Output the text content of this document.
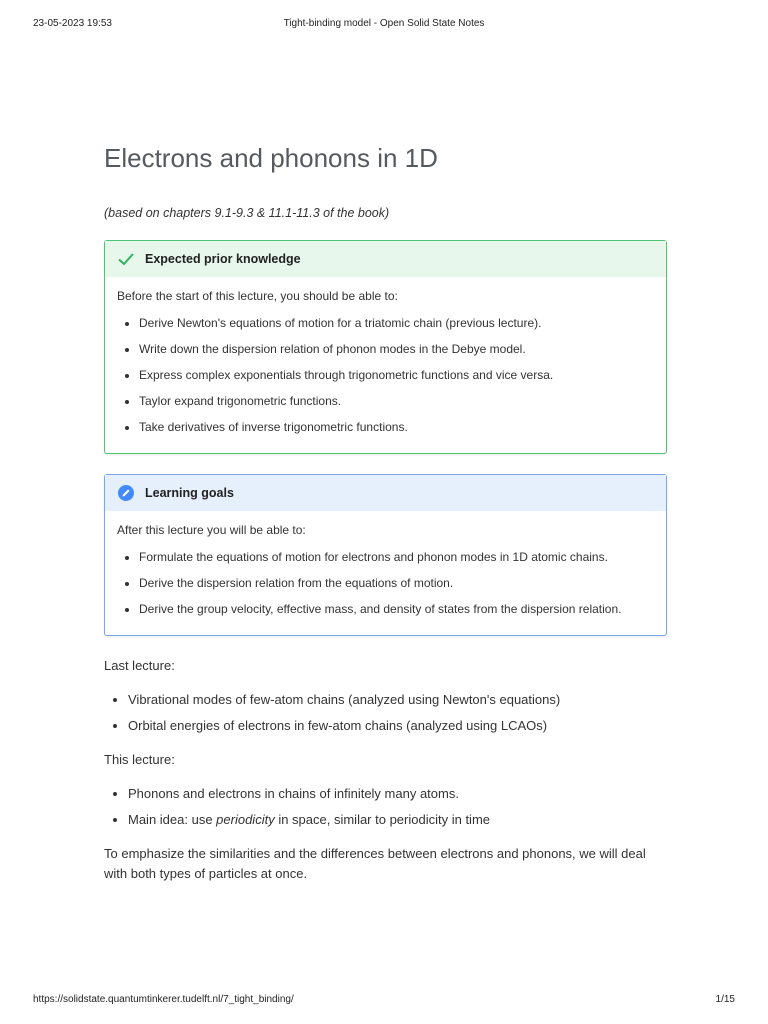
23-05-2023 19:53	Tight-binding model - Open Solid State Notes
Electrons and phonons in 1D

(based on chapters 9.1-9.3 & 11.1-11.3 of the book)

Expected prior knowledge

Before the start of this lecture, you should be able to:

• Derive Newton's equations of motion for a triatomic chain (previous lecture).
• Write down the dispersion relation of phonon modes in the Debye model.
• Express complex exponentials through trigonometric functions and vice versa.
• Taylor expand trigonometric functions.
• Take derivatives of inverse trigonometric functions.
Learning goals

After this lecture you will be able to:

• Formulate the equations of motion for electrons and phonon modes in 1D atomic chains.
• Derive the dispersion relation from the equations of motion.
• Derive the group velocity, effective mass, and density of states from the dispersion relation.

Last lecture:

• Vibrational modes of few-atom chains (analyzed using Newton's equations)
• Orbital energies of electrons in few-atom chains (analyzed using LCAOs)

This lecture:

• Phonons and electrons in chains of infinitely many atoms.
• Main idea: use periodicity in space, similar to periodicity in time

To emphasize the similarities and the differences between electrons and phonons, we will deal with both types of particles at once.

https://solidstate.quantumtinkerer.tudelft.nl/7_tight_binding/	1/15
